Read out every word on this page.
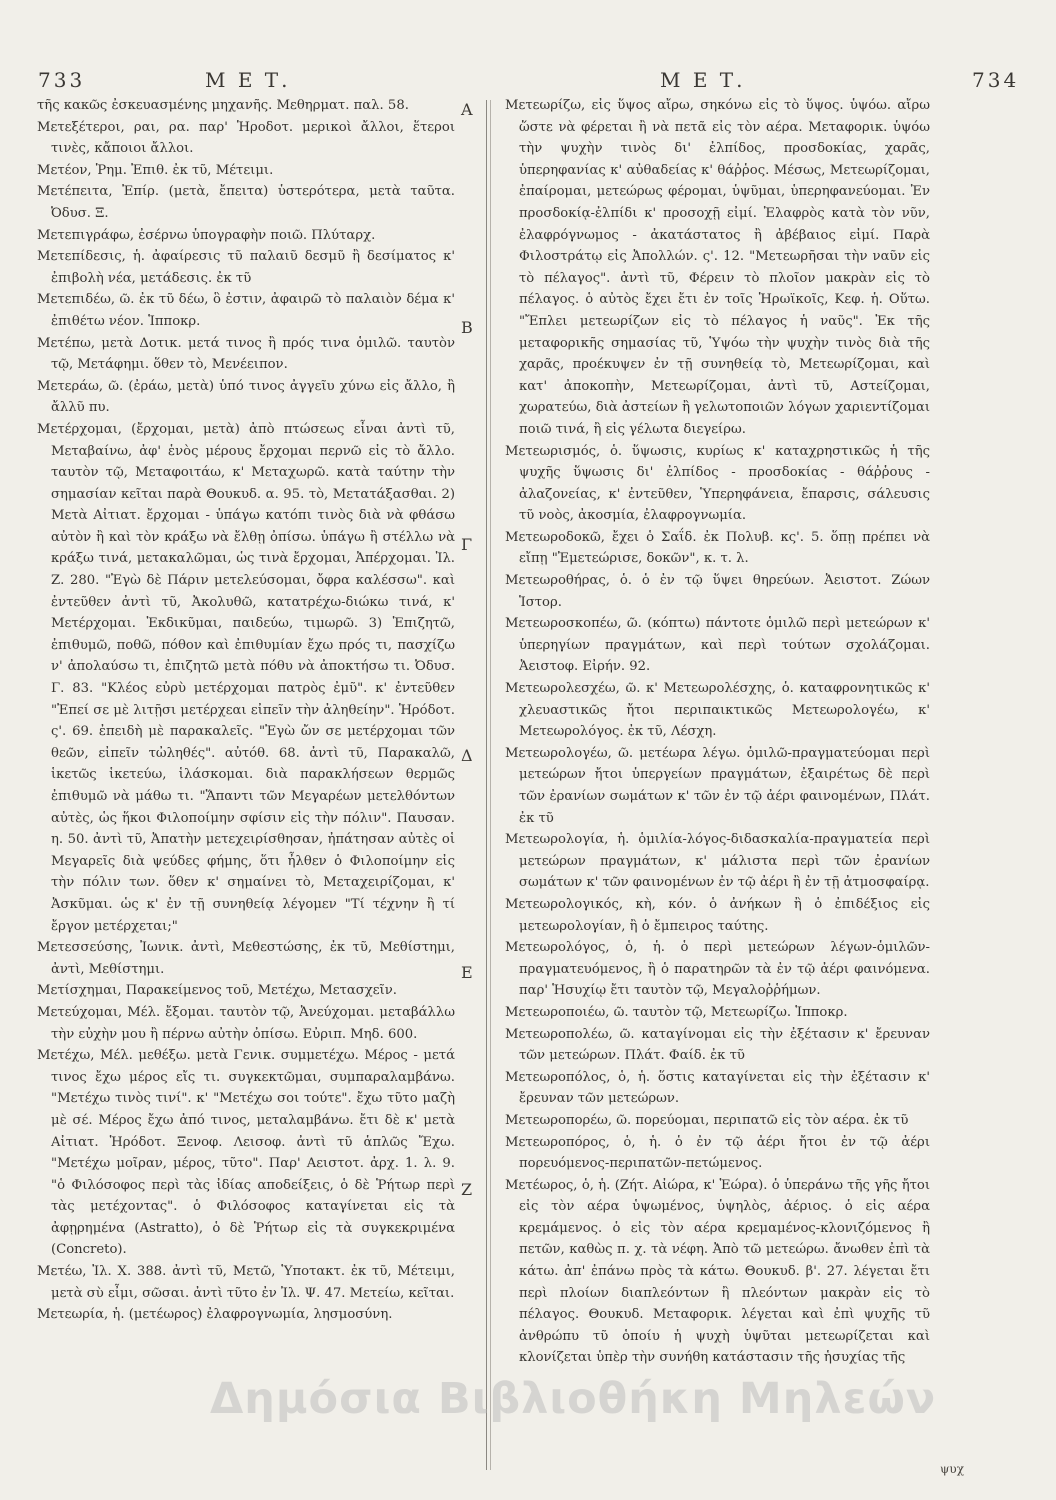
733	Μ Ε Τ.	Μ Ε Τ.	734
Α
Β
Γ
Δ
Ε
Ζ

τῆς κακῶς ἐσκευασμένης μηχανῆς. Μεθηρματ. παλ. 58.

Μετεξέτεροι, ραι, ρα. παρ' Ἡροδοτ. μερικοὶ ἄλλοι, ἕτεροι τινὲς, κἄποιοι ἄλλοι.

Μετέον, Ῥημ. Ἐπιθ. ἐκ τῦ, Μέτειμι.

Μετέπειτα, Ἐπίρ. (μετὰ, ἔπειτα) ὑστερότερα, μετὰ ταῦτα. Ὀδυσ. Ξ.

Μετεπιγράφω, ἐσέρνω ὑπογραφὴν ποιῶ. Πλύταρχ.

Μετεπίδεσις, ἡ. ἀφαίρεσις τῦ παλαιῦ δεσμῦ ἢ δεσίματος κ' ἐπιβολὴ νέα, μετάδεσις. ἐκ τῦ

Μετεπιδέω, ῶ. ἐκ τῦ δέω, ὃ ἐστιν, ἀφαιρῶ τὸ παλαιὸν δέμα κ' ἐπιθέτω νέον. Ἱπποκρ.

Μετέπω, μετὰ Δοτικ. μετά τινος ἢ πρός τινα ὁμιλῶ. ταυτὸν τῷ, Μετάφημι. ὅθεν τὸ, Μενέειπον.

Μετεράω, ῶ. (ἐράω, μετὰ) ὑπό τινος ἀγγεῖυ χύνω εἰς ἄλλο, ἢ ἄλλῦ πυ.

Μετέρχομαι, (ἔρχομαι, μετὰ) ἀπὸ πτώσεως εἶναι ἀντὶ τῦ, Μεταβαίνω, ἀφ' ἑνὸς μέρους ἔρχομαι περνῶ εἰς τὸ ἄλλο. ταυτὸν τῷ, Μεταφοιτάω, κ' Μεταχωρῶ. κατὰ ταύτην τὴν σημασίαν κεῖται παρὰ Θουκυδ. α. 95. τὸ, Μετατάξασθαι. 2) Μετὰ Αἰτιατ. ἔρχομαι - ὑπάγω κατόπι τινὸς διὰ νὰ φθάσω αὐτὸν ἢ καὶ τὸν κράξω νὰ ἔλθῃ ὀπίσω. ὑπάγω ἢ στέλλω νὰ κράξω τινά, μετακαλῶμαι, ὡς τινὰ ἔρχομαι, Ἀπέρχομαι. Ἰλ. Ζ. 280. "Ἐγὼ δὲ Πάριν μετελεύσομαι, ὄφρα καλέσσω". καὶ ἐντεῦθεν ἀντὶ τῦ, Ἀκολυθῶ, κατατρέχω-διώκω τινά, κ' Μετέρχομαι. Ἐκδικῦμαι, παιδεύω, τιμωρῶ. 3) Ἐπιζητῶ, ἐπιθυμῶ, ποθῶ, πόθον καὶ ἐπιθυμίαν ἔχω πρός τι, πασχίζω ν' ἀπολαύσω τι, ἐπιζητῶ μετὰ πόθυ νὰ ἀποκτήσω τι. Ὀδυσ. Γ. 83. "Κλέος εὐρὺ μετέρχομαι πατρὸς ἐμῦ". κ' ἐντεῦθεν "Ἐπεί σε μὲ λιτῇσι μετέρχεαι εἰπεῖν τὴν ἀληθείην". Ἡρόδοτ. ς'. 69. ἐπειδὴ μὲ παρακαλεῖς. "Ἐγὼ ὤν σε μετέρχομαι τῶν θεῶν, εἰπεῖν τὠληθές". αὐτόθ. 68. ἀντὶ τῦ, Παρακαλῶ, ἱκετῶς ἱκετεύω, ἱλάσκομαι. διὰ παρακλήσεων θερμῶς ἐπιθυμῶ νὰ μάθω τι. "Ἅπαντι τῶν Μεγαρέων μετελθόντων αὐτὲς, ὡς ἥκοι Φιλοποίμην σφίσιν εἰς τὴν πόλιν". Παυσαν. η. 50. ἀντὶ τῦ, Ἀπατὴν μετεχειρίσθησαν, ἠπάτησαν αὐτὲς οἱ Μεγαρεῖς διὰ ψεύδες φήμης, ὅτι ἦλθεν ὁ Φιλοποίμην εἰς τὴν πόλιν των. ὅθεν κ' σημαίνει τὸ, Μεταχειρίζομαι, κ' Ἀσκῦμαι. ὡς κ' ἐν τῇ συνηθείᾳ λέγομεν "Τί τέχνην ἢ τί ἔργον μετέρχεται;"

Μετεσσεύσης, Ἰωνικ. ἀντὶ, Μεθεστώσης, ἐκ τῦ, Μεθίστημι, ἀντὶ, Μεθίστημι.

Μετίσχημαι, Παρακείμενος τοῦ, Μετέχω, Μετασχεῖν.

Μετεύχομαι, Μέλ. ἔξομαι. ταυτὸν τῷ, Ἀνεύχομαι. μεταβάλλω τὴν εὐχὴν μου ἢ πέρνω αὐτὴν ὀπίσω. Εὐριπ. Μηδ. 600.

Μετέχω, Μέλ. μεθέξω. μετὰ Γενικ. συμμετέχω. Μέρος - μετά τινος ἔχω μέρος εἴς τι. συγκεκτῶμαι, συμπαραλαμβάνω. "Μετέχω τινὸς τινί". κ' "Μετέχω σοι τούτε". ἔχω τῦτο μαζὴ μὲ σέ. Μέρος ἔχω ἀπό τινος, μεταλαμβάνω. ἔτι δὲ κ' μετὰ Αἰτιατ. Ἡρόδοτ. Ξενοφ. Λεισοφ. ἀντὶ τῦ ἁπλῶς Ἔχω. "Μετέχω μοῖραν, μέρος, τῦτο". Παρ' Αειστοτ. ἀρχ. 1. λ. 9. "ὁ Φιλόσοφος περὶ τὰς ἰδίας αποδείξεις, ὁ δὲ Ῥήτωρ περὶ τὰς μετέχοντας". ὁ Φιλόσοφος καταγίνεται εἰς τὰ ἀφῃρημένα (Astratto), ὁ δὲ Ῥήτωρ εἰς τὰ συγκεκριμένα (Concreto).

Μετέω, Ἰλ. Χ. 388. ἀντὶ τῦ, Μετῶ, Ὑποτακτ. ἐκ τῦ, Μέτειμι, μετὰ σὺ εἶμι, σῶσαι. ἀντὶ τῦτο ἐν Ἰλ. Ψ. 47. Μετείω, κεῖται.

Μετεωρία, ἡ. (μετέωρος) ἐλαφρογνωμία, λησμοσύνη.

Μετεωρίζω, εἰς ὕψος αἴρω, σηκόνω εἰς τὸ ὕψος. ὑψόω. αἴρω ὥστε νὰ φέρεται ἢ νὰ πετᾶ εἰς τὸν αέρα. Μεταφορικ. ὑψόω τὴν ψυχὴν τινὸς δι' ἐλπίδος, προσδοκίας, χαρᾶς, ὑπερηφανίας κ' αὐθαδείας κ' θάῤῥος. Μέσως, Μετεωρίζομαι, ἐπαίρομαι, μετεώρως φέρομαι, ὑψῦμαι, ὑπερηφανεύομαι. Ἐν προσδοκίᾳ-ἐλπίδι κ' προσοχῇ εἰμί. Ἐλαφρὸς κατὰ τὸν νῦν, ἐλαφρόγνωμος - ἀκατάστατος ἢ ἀβέβαιος εἰμί. Παρὰ Φιλοστράτῳ εἰς Ἀπολλών. ς'. 12. "Μετεωρῆσαι τὴν ναῦν εἰς τὸ πέλαγος". ἀντὶ τῦ, Φέρειν τὸ πλοῖον μακρὰν εἰς τὸ πέλαγος. ὁ αὐτὸς ἔχει ἔτι ἐν τοῖς Ἡρωϊκοῖς, Κεφ. ἡ. Οὕτω. "Ἔπλει μετεωρίζων εἰς τὸ πέλαγος ἡ ναῦς". Ἐκ τῆς μεταφορικῆς σημασίας τῦ, Ὑψόω τὴν ψυχὴν τινὸς διὰ τῆς χαρᾶς, προέκυψεν ἐν τῇ συνηθείᾳ τὸ, Μετεωρίζομαι, καὶ κατ' ἀποκοπὴν, Μετεωρίζομαι, ἀντὶ τῦ, Αστείζομαι, χωρατεύω, διὰ ἀστείων ἢ γελωτοποιῶν λόγων χαριεντίζομαι ποιῶ τινά, ἢ εἰς γέλωτα διεγείρω.

Μετεωρισμός, ὁ. ὕψωσις, κυρίως κ' καταχρηστικῶς ἡ τῆς ψυχῆς ὕψωσις δι' ἐλπίδος - προσδοκίας - θάῤῥους - ἀλαζονείας, κ' ἐντεῦθεν, Ὑπερηφάνεια, ἔπαρσις, σάλευσις τῦ νοὸς, ἀκοσμία, ἐλαφρογνωμία.

Μετεωροδοκῶ, ἔχει ὁ Σαΐδ. ἐκ Πολυβ. κς'. 5. ὅπῃ πρέπει νὰ εἴπῃ "Ἐμετεώρισε, δοκῶν", κ. τ. λ.

Μετεωροθήρας, ὁ. ὁ ἐν τῷ ὕψει θηρεύων. Ἀειστοτ. Ζώων Ἱστορ.

Μετεωροσκοπέω, ῶ. (κόπτω) πάντοτε ὁμιλῶ περὶ μετεώρων κ' ὑπερηγίων πραγμάτων, καὶ περὶ τούτων σχολάζομαι. Ἀειστοφ. Εἰρήν. 92.

Μετεωρολεσχέω, ῶ. κ' Μετεωρολέσχης, ὁ. καταφρονητικῶς κ' χλευαστικῶς ἤτοι περιπαικτικῶς Μετεωρολογέω, κ' Μετεωρολόγος. ἐκ τῦ, Λέσχη.

Μετεωρολογέω, ῶ. μετέωρα λέγω. ὁμιλῶ-πραγματεύομαι περὶ μετεώρων ἤτοι ὑπεργείων πραγμάτων, ἐξαιρέτως δὲ περὶ τῶν ἐρανίων σωμάτων κ' τῶν ἐν τῷ ἀέρι φαινομένων, Πλάτ. ἐκ τῦ

Μετεωρολογία, ἡ. ὁμιλία-λόγος-διδασκαλία-πραγματεία περὶ μετεώρων πραγμάτων, κ' μάλιστα περὶ τῶν ἐρανίων σωμάτων κ' τῶν φαινομένων ἐν τῷ ἀέρι ἢ ἐν τῇ ἀτμοσφαίρᾳ.

Μετεωρολογικός, κὴ, κόν. ὁ ἀνήκων ἢ ὁ ἐπιδέξιος εἰς μετεωρολογίαν, ἢ ὁ ἔμπειρος ταύτης.

Μετεωρολόγος, ὁ, ἡ. ὁ περὶ μετεώρων λέγων-ὁμιλῶν-πραγματευόμενος, ἢ ὁ παρατηρῶν τὰ ἐν τῷ ἀέρι φαινόμενα. παρ' Ἡσυχίῳ ἔτι ταυτὸν τῷ, Μεγαλοῤῥήμων.

Μετεωροποιέω, ῶ. ταυτὸν τῷ, Μετεωρίζω. Ἱπποκρ.

Μετεωροπολέω, ῶ. καταγίνομαι εἰς τὴν ἐξέτασιν κ' ἔρευναν τῶν μετεώρων. Πλάτ. Φαίδ. ἐκ τῦ

Μετεωροπόλος, ὁ, ἡ. ὅστις καταγίνεται εἰς τὴν ἐξέτασιν κ' ἔρευναν τῶν μετεώρων.

Μετεωροπορέω, ῶ. πορεύομαι, περιπατῶ εἰς τὸν αέρα. ἐκ τῦ

Μετεωροπόρος, ὁ, ἡ. ὁ ἐν τῷ ἀέρι ἤτοι ἐν τῷ ἀέρι πορευόμενος-περιπατῶν-πετώμενος.

Μετέωρος, ὁ, ἡ. (Ζήτ. Αἰώρα, κ' Ἑώρα). ὁ ὑπεράνω τῆς γῆς ἤτοι εἰς τὸν αέρα ὑψωμένος, ὑψηλὸς, ἀέριος. ὁ εἰς αέρα κρεμάμενος. ὁ εἰς τὸν αέρα κρεμαμένος-κλονιζόμενος ἢ πετῶν, καθὼς π. χ. τὰ νέφη. Ἀπὸ τῶ μετεώρω. ἄνωθεν ἐπὶ τὰ κάτω. ἀπ' ἐπάνω πρὸς τὰ κάτω. Θουκυδ. β'. 27. λέγεται ἔτι περὶ πλοίων διαπλεόντων ἢ πλεόντων μακρὰν εἰς τὸ πέλαγος. Θουκυδ. Μεταφορικ. λέγεται καὶ ἐπὶ ψυχῆς τῦ ἀνθρώπυ τῦ ὁποίυ ἡ ψυχὴ ὑψῦται μετεωρίζεται καὶ κλονίζεται ὑπὲρ τὴν συνήθη κατάστασιν τῆς ἡσυχίας τῆς

ψυχ
Δημόσια Βιβλιοθήκη Μηλεών
